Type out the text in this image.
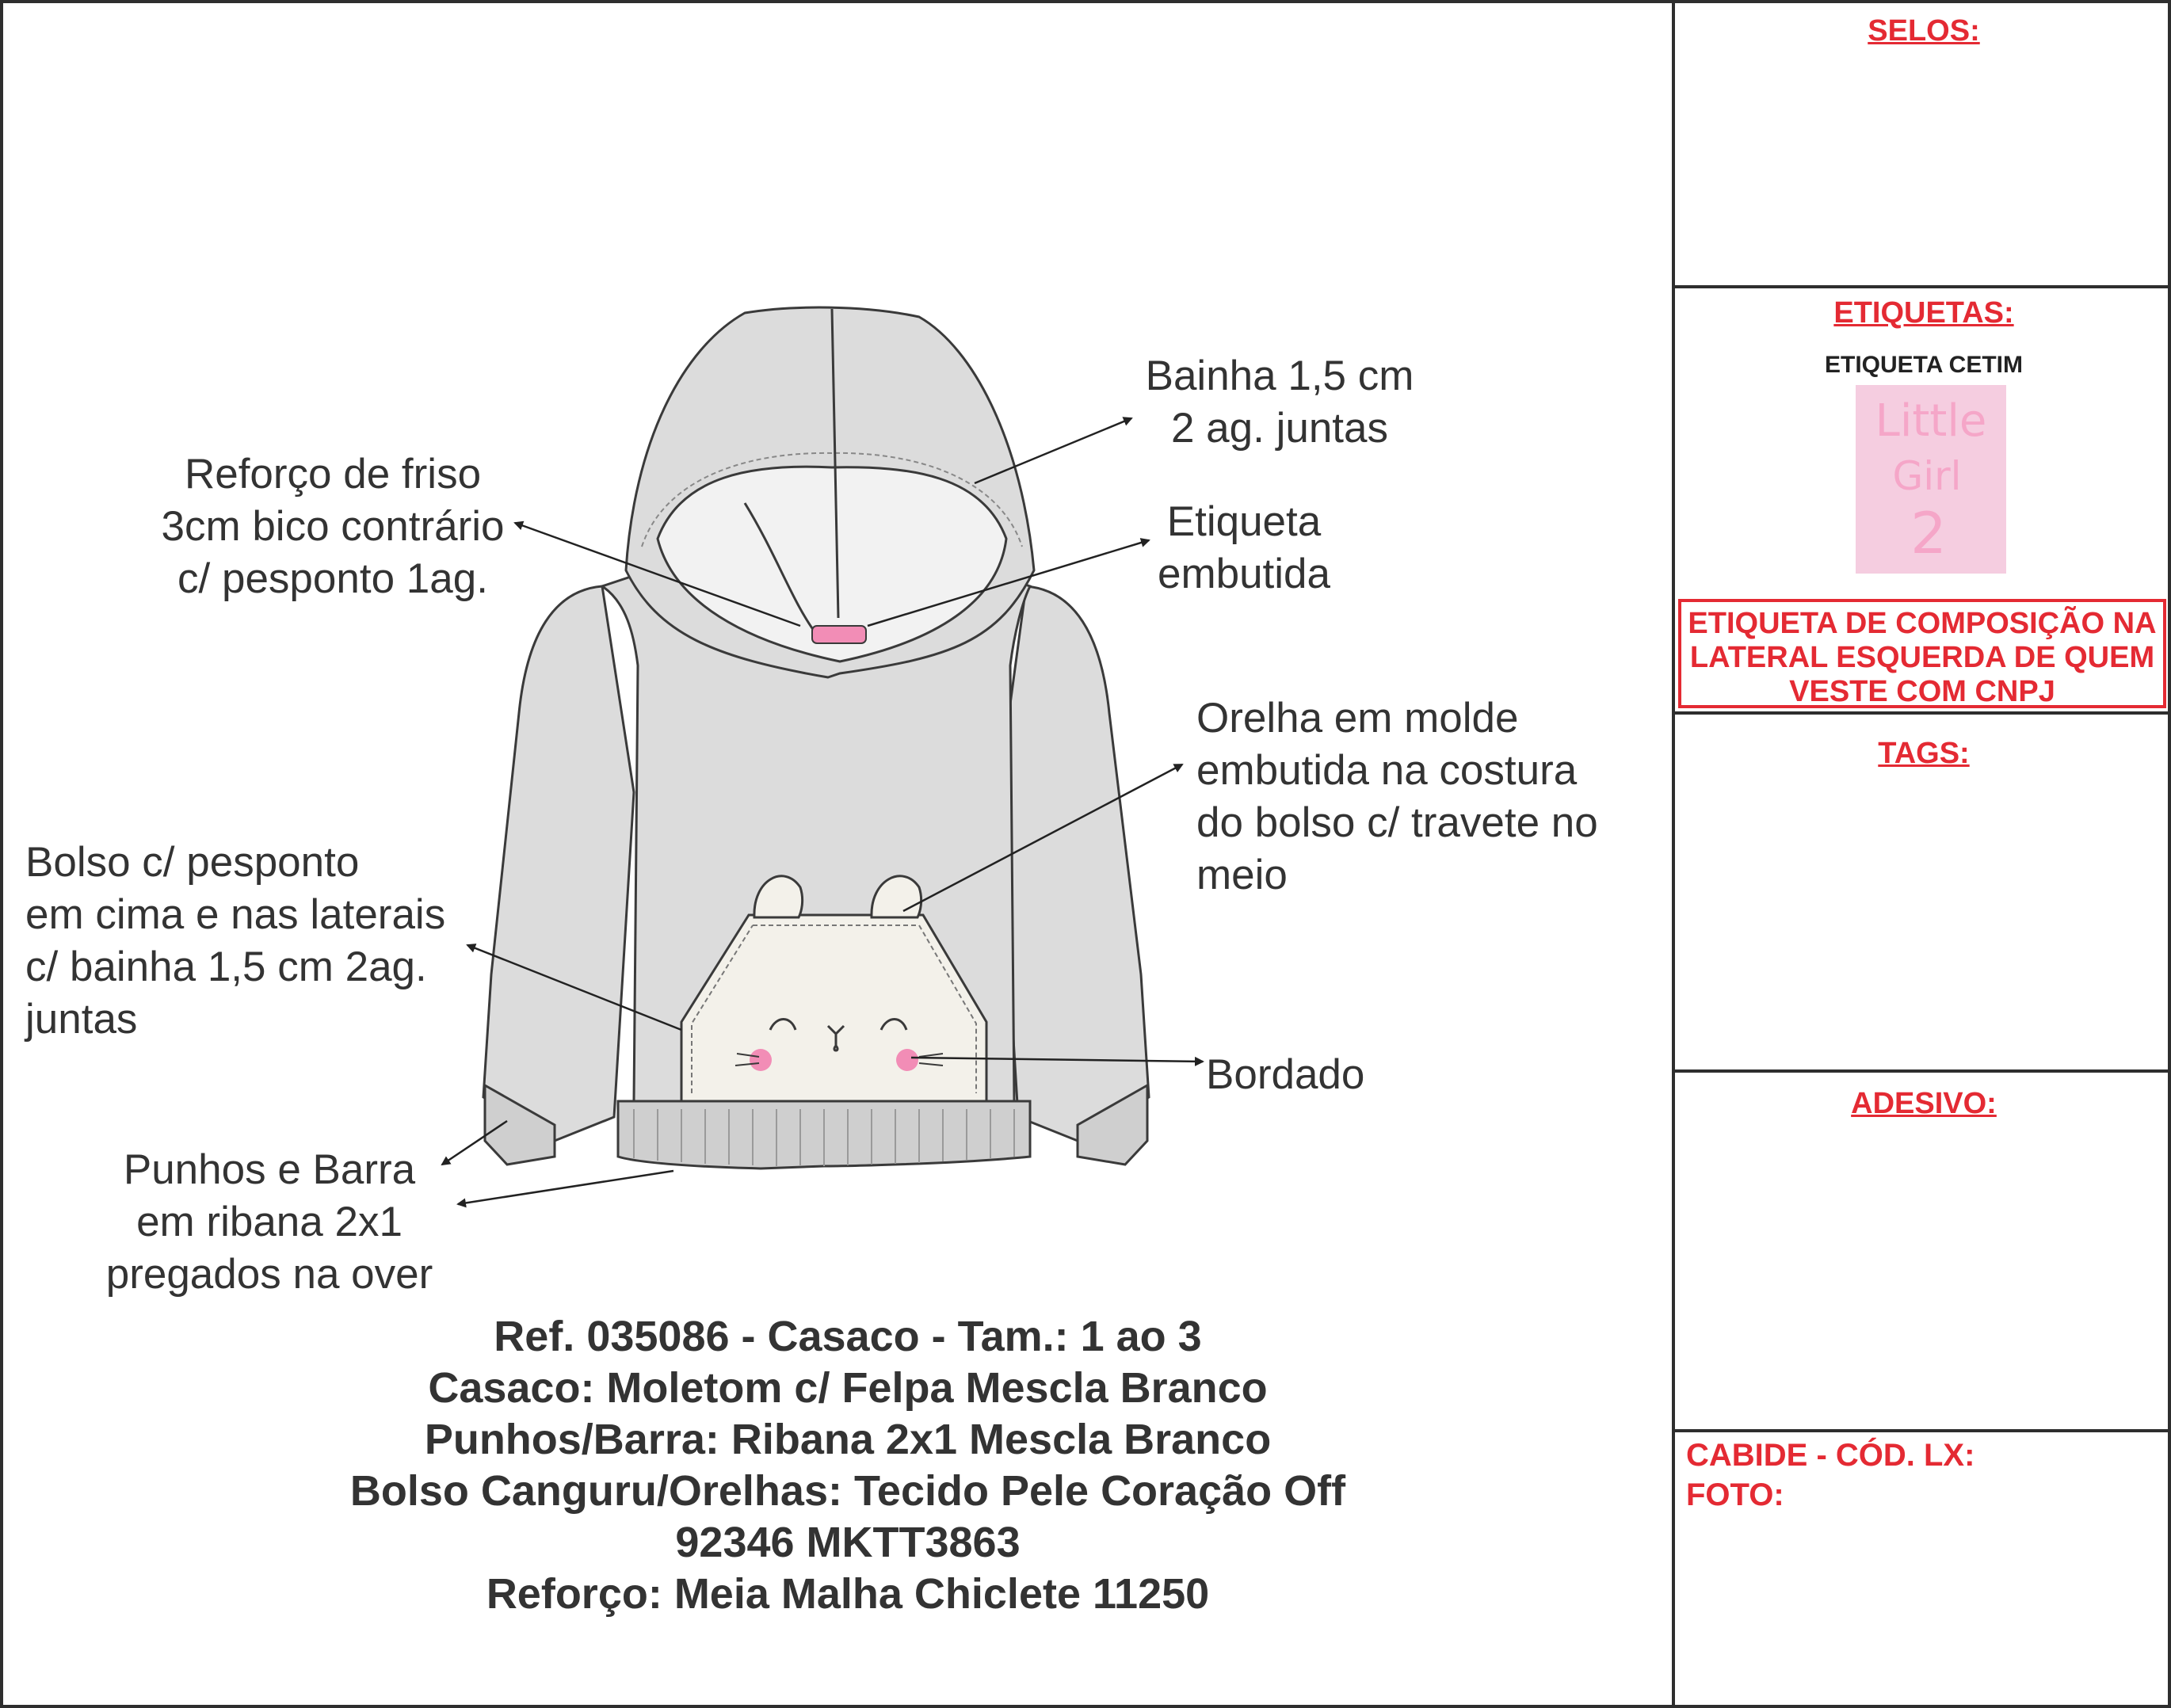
SELOS:
ETIQUETAS:
ETIQUETA CETIM
Little
Girl
2
ETIQUETA DE COMPOSIÇÃO NA
LATERAL ESQUERDA DE QUEM
VESTE COM CNPJ
TAGS:
ADESIVO:
CABIDE - CÓD. LX:
FOTO:
Bainha 1,5 cm
2 ag. juntas
Reforço de friso
3cm bico contrário
c/ pesponto 1ag.
Etiqueta
embutida
Orelha em molde
embutida na costura
do bolso c/ travete no
meio
Bolso c/ pesponto
em cima e nas laterais
c/ bainha 1,5 cm 2ag.
juntas
Bordado
Punhos e Barra
em ribana 2x1
pregados na over
Ref. 035086 - Casaco - Tam.: 1 ao 3
Casaco: Moletom c/ Felpa Mescla Branco
Punhos/Barra: Ribana 2x1 Mescla Branco
Bolso Canguru/Orelhas: Tecido Pele Coração Off
92346 MKTT3863
Reforço: Meia Malha Chiclete 11250
